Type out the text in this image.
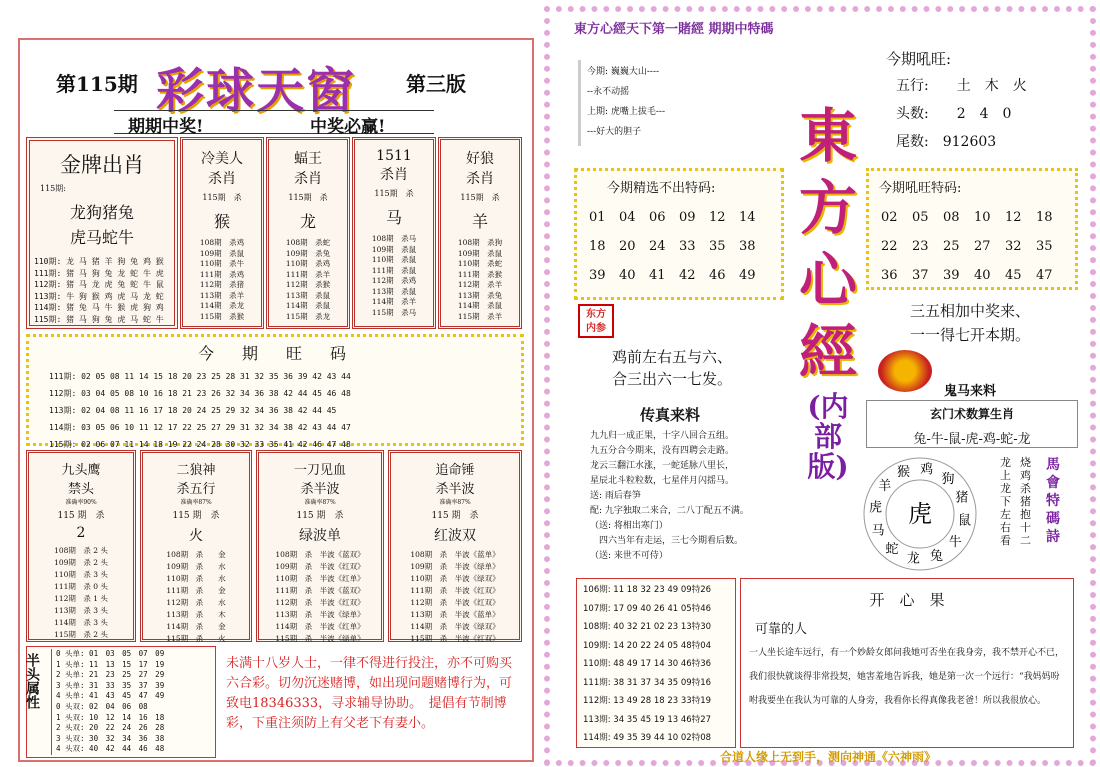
第115期 彩球天窗 第三版
期期中奖!	中奖必赢!
金牌出肖
115期:
龙狗猪兔
虎马蛇牛
110期: 龙 马 猪 羊 狗 兔 鸡 猴
111期: 猪 马 狗 兔 龙 蛇 牛 虎
112期: 猪 马 龙 虎 兔 蛇 牛 鼠
113期: 牛 狗 猴 鸡 虎 马 龙 蛇
114期: 猪 兔 马 牛 猴 虎 狗 鸡
115期: 猪 马 狗 兔 虎 马 蛇 牛
冷美人
杀肖
115期　杀
猴
108期　杀鸡
109期　杀鼠
110期　杀牛
111期　杀鸡
112期　杀猪
113期　杀羊
114期　杀龙
115期　杀猴
蝠王
杀肖
115期　杀
龙
108期　杀蛇
109期　杀兔
110期　杀鸡
111期　杀羊
112期　杀猴
113期　杀鼠
114期　杀鼠
115期　杀龙
1511
杀肖
115期　杀
马
108期　杀马
109期　杀鼠
110期　杀鼠
111期　杀鼠
112期　杀鸡
113期　杀鼠
114期　杀羊
115期　杀马
好狼
杀肖
115期　杀
羊
108期　杀狗
109期　杀鼠
110期　杀蛇
111期　杀猴
112期　杀羊
113期　杀兔
114期　杀鼠
115期　杀羊
今　期　旺　码
111期: 02 05 08 11 14 15 18 20 23 25 28 31 32 35 36 39 42 43 44
112期: 03 04 05 08 10 16 18 21 23 26 32 34 36 38 42 44 45 46 48
113期: 02 04 08 11 16 17 18 20 24 25 29 32 34 36 38 42 44 45
114期: 03 05 06 10 11 12 17 22 25 27 29 31 32 34 38 42 43 44 47
115期: 02 06 07 11 14 18 19 22 24 28 30 32 33 35 41 42 46 47 48
九头鹰
禁头
准确率90%
115 期　杀
2
108期　杀 2 头
109期　杀 2 头
110期　杀 3 头
111期　杀 0 头
112期　杀 1 头
113期　杀 3 头
114期　杀 3 头
115期　杀 2 头
二狼神
杀五行
准确率87%
115 期　杀
火
108期　杀　　金
109期　杀　　水
110期　杀　　水
111期　杀　　金
112期　杀　　水
113期　杀　　木
114期　杀　　金
115期　杀　　火
一刀见血
杀半波
准确率87%
115 期　杀
绿波单
108期　杀　半波《蓝双》
109期　杀　半波《红双》
110期　杀　半波《红单》
111期　杀　半波《蓝双》
112期　杀　半波《红双》
113期　杀　半波《绿单》
114期　杀　半波《红单》
115期　杀　半波《绿单》
追命锤
杀半波
准确率87%
115 期　杀
红波双
108期　杀　半波《蓝单》
109期　杀　半波《绿单》
110期　杀　半波《绿双》
111期　杀　半波《红双》
112期　杀　半波《红双》
113期　杀　半波《蓝单》
114期　杀　半波《绿双》
115期　杀　半波《红双》
半头属性	0 头单: 01　03　05　07　09
1 头单: 11　13　15　17　19
2 头单: 21　23　25　27　29
3 头单: 31　33　35　37　39
4 头单: 41　43　45　47　49
0 头双: 02　04　06　08
1 头双: 10　12　14　16　18
2 头双: 20　22　24　26　28
3 头双: 30　32　34　36　38
4 头双: 40　42　44　46　48
未满十八岁人士，一律不得进行投注，亦不可购买六合彩。切勿沉迷赌博，如出现问题赌博行为，可致电18346333，寻求辅导协助。　提倡有节制博彩，下重注须防上有父老下有妻小。
東方心經天下第一賭經 期期中特碼
今期: 巍巍大山----
--永不动摇
上期: 虎嘴上拔毛---
---好大的胆子
今期吼旺:
五行:　　土　木　火
头数:　　2　4　0
尾数:　912603
今期精选不出特码:
01	04	06	09	12	14
18	20	24	33	35	38
39	40	41	42	46	49
東方心經
(内部版)
今期吼旺特码:
02	05	08	10	12	18
22	23	25	27	32	35
36	37	39	40	45	47
东方内参
鸡前左右五与六、
合三出六一七发。
三五相加中奖来、
一一得七开本期。
鬼马来料
玄门术数算生肖
兔-牛-鼠-虎-鸡-蛇-龙
传真来料
九九归一成正果，十字八回合五组。
九五分合今期来，没有四聘会走路。
龙云三翻江水涨，一蛇延脉八里长，
星辰北斗粒粒数，七星伴月闪揺马。
送: 雨后春笋
配: 九字独取二来合，二八丁配五不满。
（送: 将相出寒门）
　四六当年有走运，三七今期看后数。
（送: 来世不可侍）
虎
羊
猴 鸡
狗
猪
鼠
牛
兔
龙
蛇
马
虎
龙上龙下左右看
烧鸡杀猪抱十二
馬會特碼詩
106期: 11 18 32 23 49 09特26
107期: 17 09 40 26 41 05特46
108期: 40 32 21 02 23 13特30
109期: 14 20 22 24 05 48特04
110期: 48 49 17 14 30 46特36
111期: 38 31 37 34 35 09特16
112期: 13 49 28 18 23 33特19
113期: 34 35 45 19 13 46特27
114期: 49 35 39 44 10 02特08
开　心　果
可靠的人
一人坐长途车远行，有一个妙龄女郎问我她可否坐在我身旁，我不禁开心不已，我们很快就谈得非常投契，她害羞地告诉我，她是第一次一个远行：“我妈妈吩咐我要坐在我认为可靠的人身旁，我看你长得真像我老爸！所以我很放心。
合道人缘上无到手，测向神通《六神雨》
